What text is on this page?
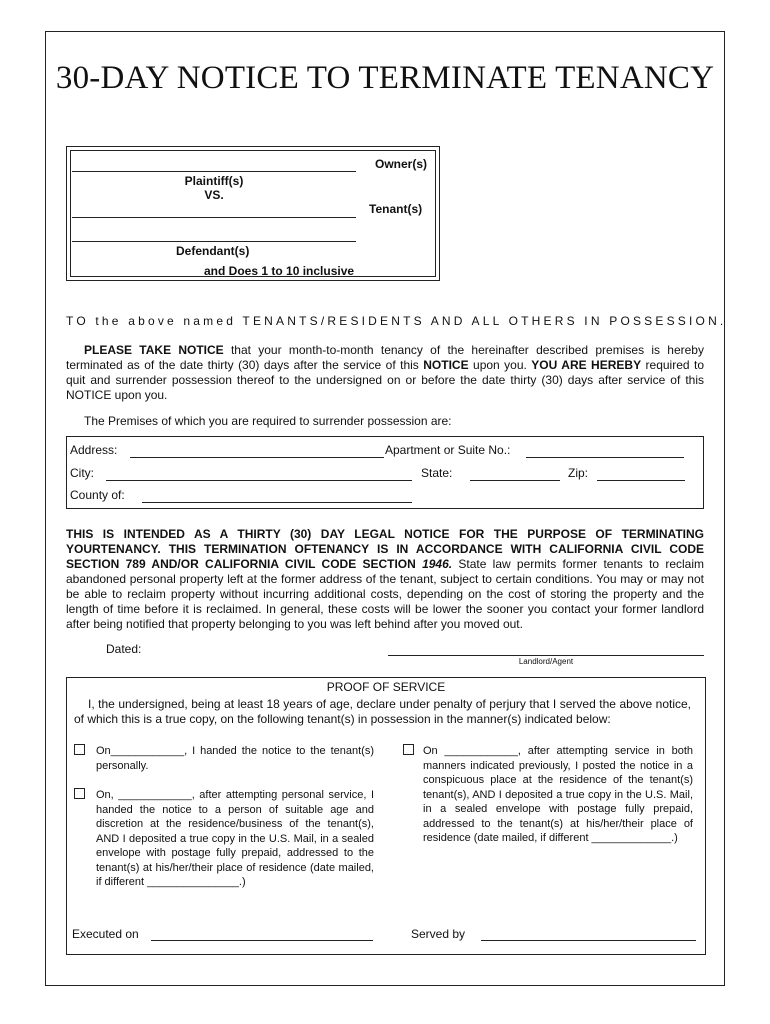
30-DAY NOTICE TO TERMINATE TENANCY
Owner(s)
Plaintiff(s)
VS.
Tenant(s)
Defendant(s)
and Does 1 to 10 inclusive
TO the above named TENANTS/RESIDENTS AND ALL OTHERS IN POSSESSION.
PLEASE TAKE NOTICE that your month-to-month tenancy of the hereinafter described premises is hereby terminated as of the date thirty (30) days after the service of this NOTICE upon you. YOU ARE HEREBY required to quit and surrender possession thereof to the undersigned on or before the date thirty (30) days after service of this NOTICE upon you.
The Premises of which you are required to surrender possession are:
Address:	Apartment or Suite No.:
City:	State:	Zip:
County of:
THIS IS INTENDED AS A THIRTY (30) DAY LEGAL NOTICE FOR THE PURPOSE OF TERMINATING YOURTENANCY. THIS TERMINATION OFTENANCY IS IN ACCORDANCE WITH CALIFORNIA CIVIL CODE SECTION 789 AND/OR CALIFORNIA CIVIL CODE SECTION 1946. State law permits former tenants to reclaim abandoned personal property left at the former address of the tenant, subject to certain conditions. You may or may not be able to reclaim property without incurring additional costs, depending on the cost of storing the property and the length of time before it is reclaimed. In general, these costs will be lower the sooner you contact your former landlord after being notified that property belonging to you was left behind after you moved out.
Dated:
Landlord/Agent
PROOF OF SERVICE
I, the undersigned, being at least 18 years of age, declare under penalty of perjury that I served the above notice, of which this is a true copy, on the following tenant(s) in possession in the manner(s) indicated below:
On____________, I handed the notice to the tenant(s) personally.
On, ____________, after attempting personal service, I handed the notice to a person of suitable age and discretion at the residence/business of the tenant(s), AND I deposited a true copy in the U.S. Mail, in a sealed envelope with postage fully prepaid, addressed to the tenant(s) at his/her/their place of residence (date mailed, if different _______________.)
On ____________, after attempting service in both manners indicated previously, I posted the notice in a conspicuous place at the residence of the tenant(s) tenant(s), AND I deposited a true copy in the U.S. Mail, in a sealed envelope with postage fully prepaid, addressed to the tenant(s) at his/her/their place of residence (date mailed, if different _____________.)
Executed on	Served by
